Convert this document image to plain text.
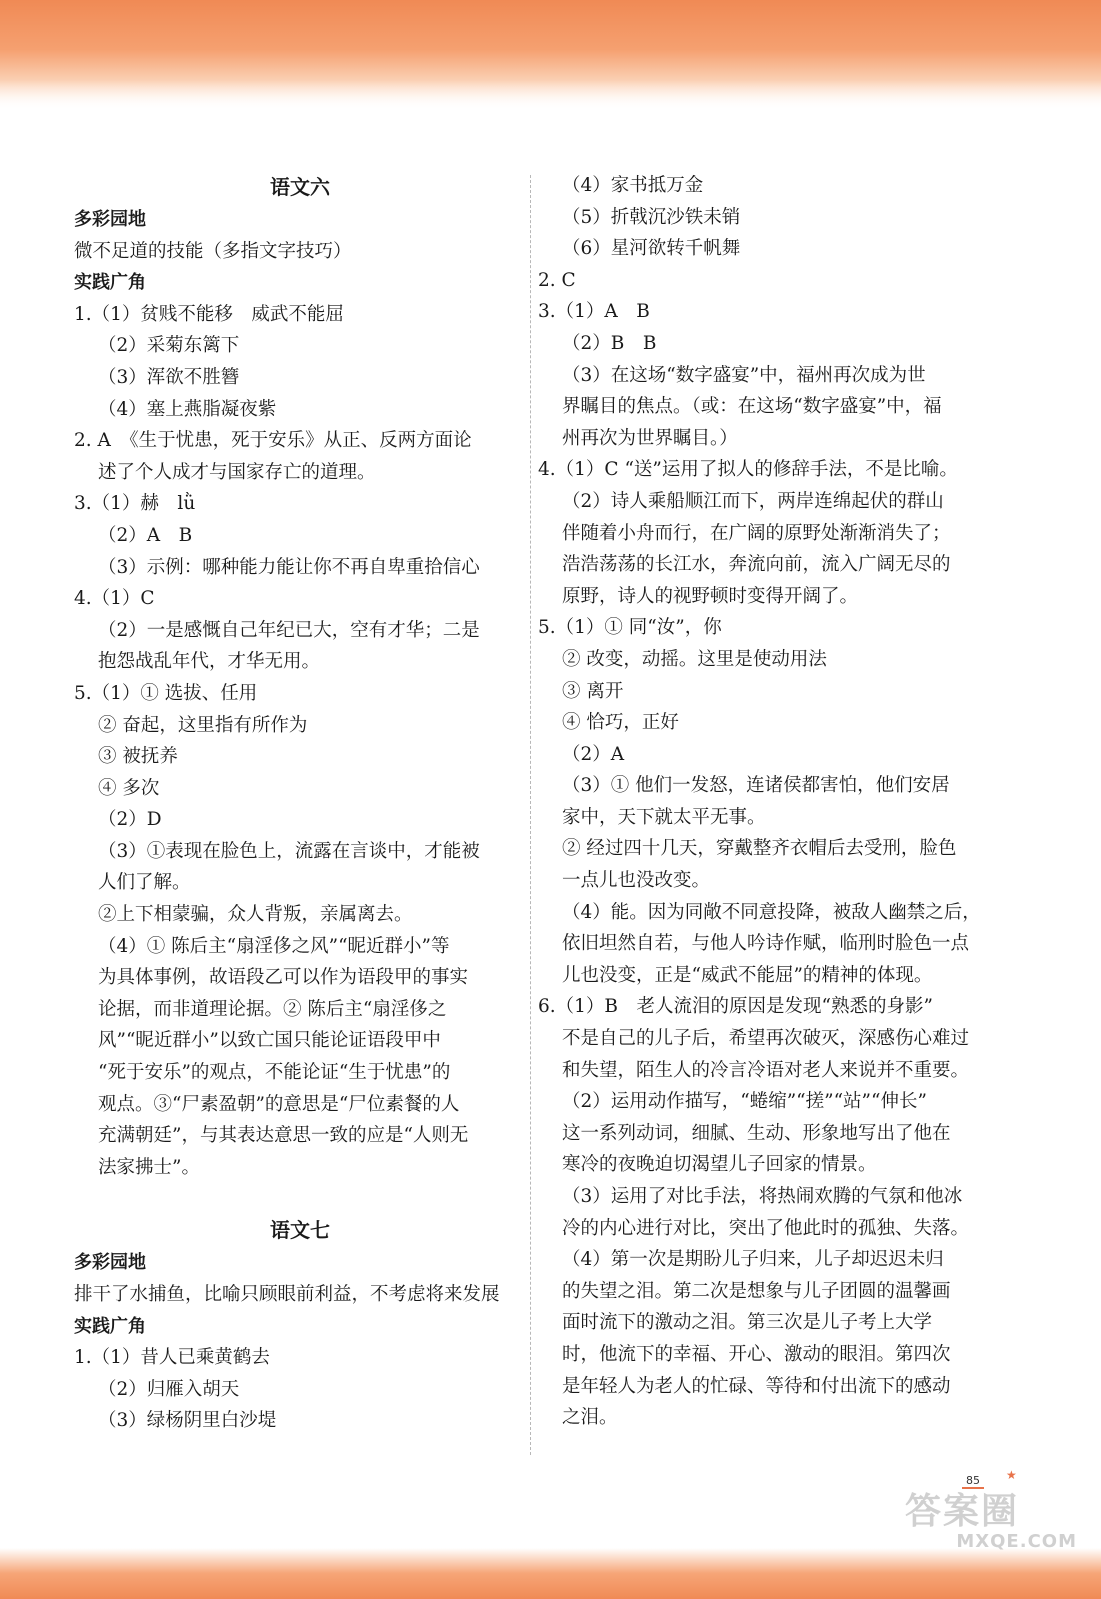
语文六
多彩园地
微不足道的技能（多指文字技巧）
实践广角
1.（1）贫贱不能移　威武不能屈
（2）采菊东篱下
（3）浑欲不胜簪
（4）塞上燕脂凝夜紫
2. A　《生于忧患，死于安乐》从正、反两方面论
述了个人成才与国家存亡的道理。
3.（1）赫　lǜ
（2）A　B
（3）示例：哪种能力能让你不再自卑重拾信心
4.（1）C
（2）一是感慨自己年纪已大，空有才华；二是
抱怨战乱年代，才华无用。
5.（1）① 选拔、任用
② 奋起，这里指有所作为
③ 被抚养
④ 多次
（2）D
（3）①表现在脸色上，流露在言谈中，才能被
人们了解。
②上下相蒙骗，众人背叛，亲属离去。
（4）① 陈后主“扇淫侈之风”“昵近群小”等
为具体事例，故语段乙可以作为语段甲的事实
论据，而非道理论据。② 陈后主“扇淫侈之
风”“昵近群小”以致亡国只能论证语段甲中
“死于安乐”的观点，不能论证“生于忧患”的
观点。③“尸素盈朝”的意思是“尸位素餐的人
充满朝廷”，与其表达意思一致的应是“人则无
法家拂士”。
语文七
多彩园地
排干了水捕鱼，比喻只顾眼前利益，不考虑将来发展
实践广角
1.（1）昔人已乘黄鹤去
（2）归雁入胡天
（3）绿杨阴里白沙堤
（4）家书抵万金
（5）折戟沉沙铁未销
（6）星河欲转千帆舞
2. C
3.（1）A　B
（2）B　B
（3）在这场“数字盛宴”中，福州再次成为世
界瞩目的焦点。（或：在这场“数字盛宴”中，福
州再次为世界瞩目。）
4.（1）C “送”运用了拟人的修辞手法，不是比喻。
（2）诗人乘船顺江而下，两岸连绵起伏的群山
伴随着小舟而行，在广阔的原野处渐渐消失了；
浩浩荡荡的长江水，奔流向前，流入广阔无尽的
原野，诗人的视野顿时变得开阔了。
5.（1）① 同“汝”，你
② 改变，动摇。这里是使动用法
③ 离开
④ 恰巧，正好
（2）A
（3）① 他们一发怒，连诸侯都害怕，他们安居
家中，天下就太平无事。
② 经过四十几天，穿戴整齐衣帽后去受刑，脸色
一点儿也没改变。
（4）能。因为同敞不同意投降，被敌人幽禁之后，
依旧坦然自若，与他人吟诗作赋，临刑时脸色一点
儿也没变，正是“威武不能屈”的精神的体现。
6.（1）B　老人流泪的原因是发现“熟悉的身影”
不是自己的儿子后，希望再次破灭，深感伤心难过
和失望，陌生人的冷言冷语对老人来说并不重要。
（2）运用动作描写，“蜷缩”“搓”“站”“伸长”
这一系列动词，细腻、生动、形象地写出了他在
寒冷的夜晚迫切渴望儿子回家的情景。
（3）运用了对比手法，将热闹欢腾的气氛和他冰
冷的内心进行对比，突出了他此时的孤独、失落。
（4）第一次是期盼儿子归来，儿子却迟迟未归
的失望之泪。第二次是想象与儿子团圆的温馨画
面时流下的激动之泪。第三次是儿子考上大学
时，他流下的幸福、开心、激动的眼泪。第四次
是年轻人为老人的忙碌、等待和付出流下的感动
之泪。
85	★
答案圈
MXQE.COM
